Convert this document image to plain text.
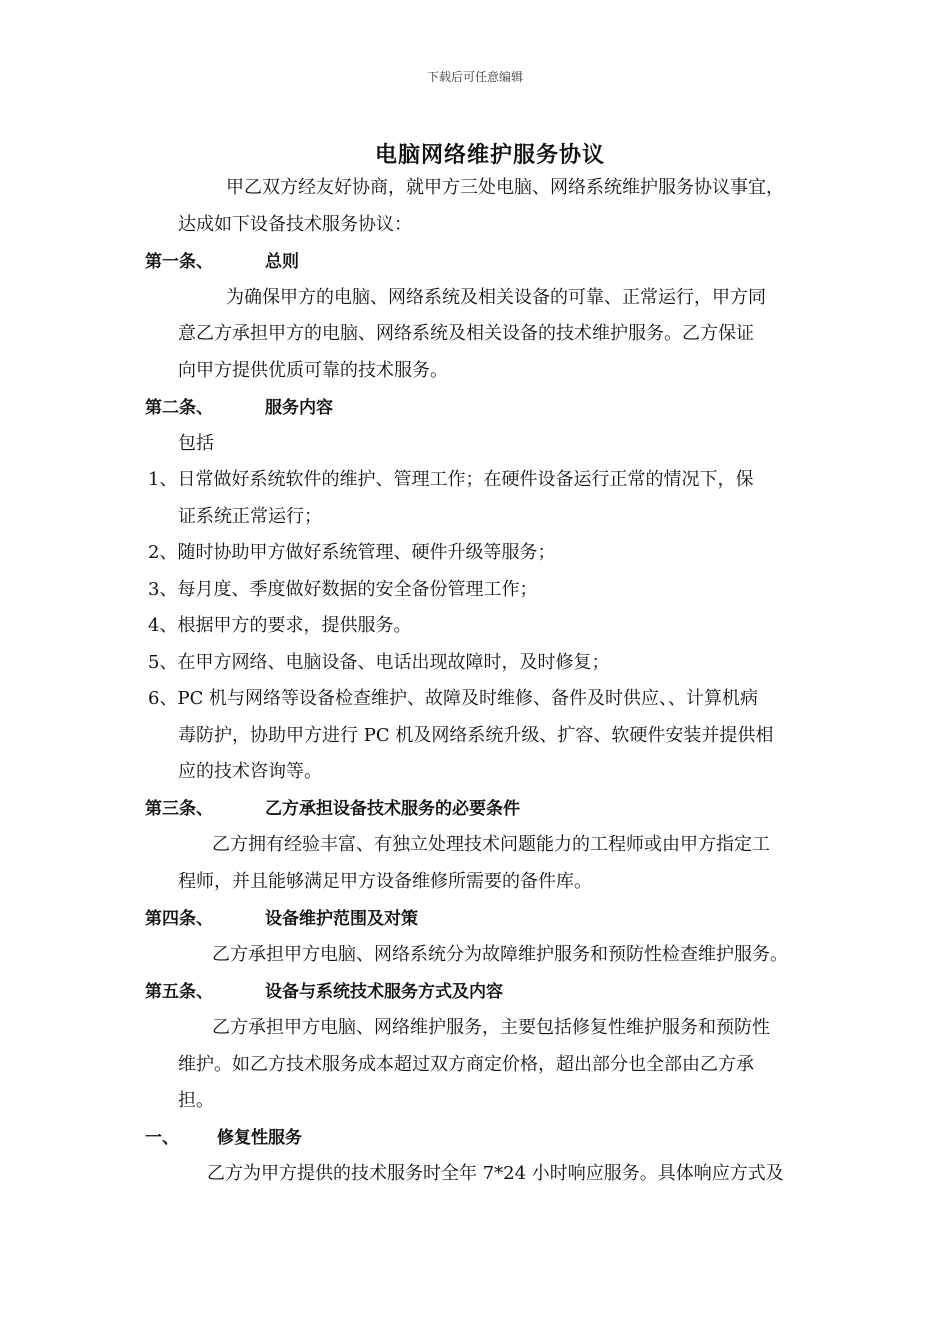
下载后可任意编辑
电脑网络维护服务协议
甲乙双方经友好协商，就甲方三处电脑、网络系统维护服务协议事宜，
达成如下设备技术服务协议：
第一条、	总则
为确保甲方的电脑、网络系统及相关设备的可靠、正常运行，甲方同
意乙方承担甲方的电脑、网络系统及相关设备的技术维护服务。乙方保证
向甲方提供优质可靠的技术服务。
第二条、	服务内容
包括
1、日常做好系统软件的维护、管理工作；在硬件设备运行正常的情况下，保
证系统正常运行；
2、随时协助甲方做好系统管理、硬件升级等服务；
3、每月度、季度做好数据的安全备份管理工作；
4、根据甲方的要求，提供服务。
5、在甲方网络、电脑设备、电话出现故障时，及时修复；
6、PC 机与网络等设备检查维护、故障及时维修、备件及时供应、、计算机病
毒防护，协助甲方进行 PC 机及网络系统升级、扩容、软硬件安装并提供相
应的技术咨询等。
第三条、	乙方承担设备技术服务的必要条件
乙方拥有经验丰富、有独立处理技术问题能力的工程师或由甲方指定工
程师，并且能够满足甲方设备维修所需要的备件库。
第四条、	设备维护范围及对策
乙方承担甲方电脑、网络系统分为故障维护服务和预防性检查维护服务。
第五条、	设备与系统技术服务方式及内容
乙方承担甲方电脑、网络维护服务，主要包括修复性维护服务和预防性
维护。如乙方技术服务成本超过双方商定价格，超出部分也全部由乙方承
担。
一、 修复性服务
乙方为甲方提供的技术服务时全年 7*24 小时响应服务。具体响应方式及
